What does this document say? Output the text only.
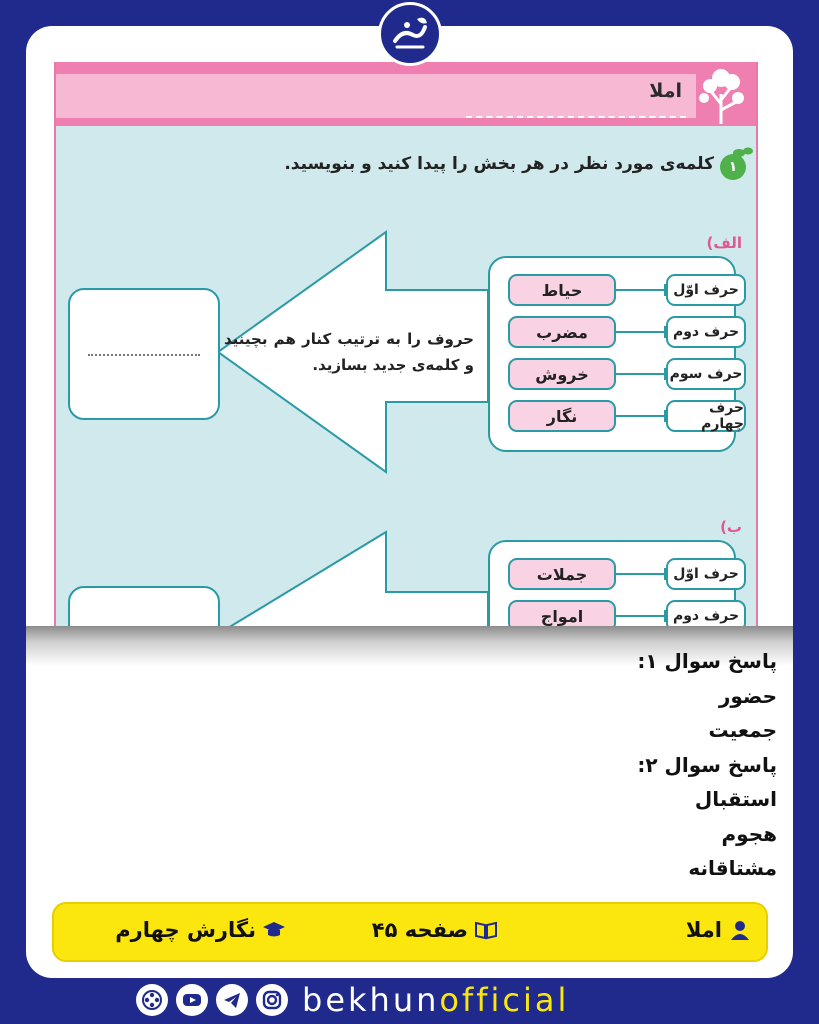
املا
۱
کلمه‌ی مورد نظر در هر بخش را پیدا کنید و بنویسید.
الف)
حروف را به ترتیب کنار هم بچینید و کلمه‌ی جدید بسازید.
حیاط	حرف اوّل
مضرب	حرف دوم
خروش	حرف سوم
نگار	حرف چهارم
ب)
جملات	حرف اوّل
امواج	حرف دوم
پاسخ سوال ۱:
حضور
جمعیت
پاسخ سوال ۲:
استقبال
هجوم
مشتاقانه
املا
صفحه ۴۵
نگارش چهارم
bekhunofficial
